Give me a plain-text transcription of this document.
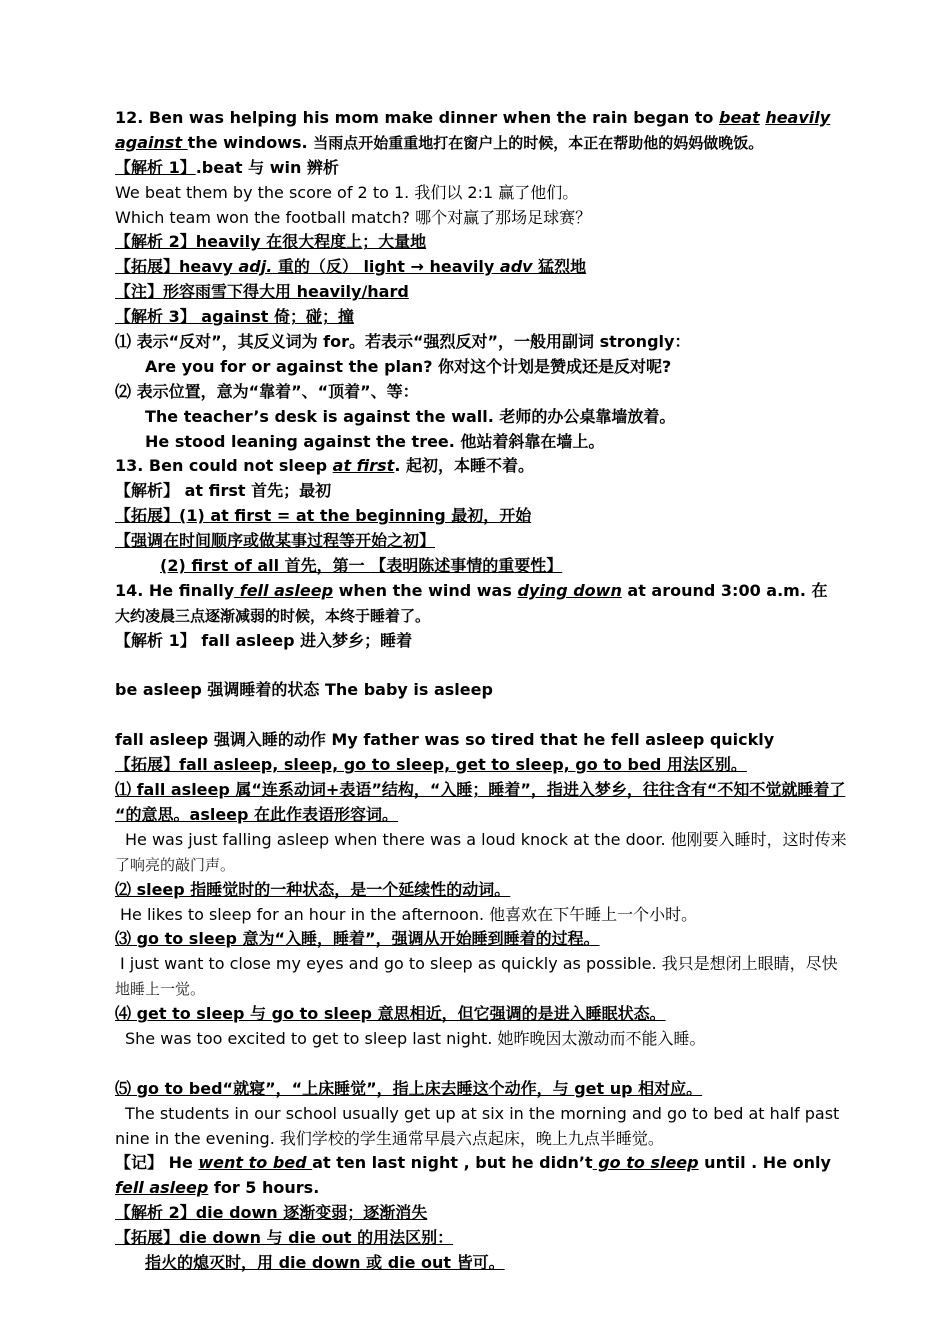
12. Ben was helping his mom make dinner when the rain began to beat heavily
against the windows. 当雨点开始重重地打在窗户上的时候，本正在帮助他的妈妈做晚饭。
【解析 1】.beat 与 win 辨析
We beat them by the score of 2 to 1. 我们以 2:1 赢了他们。
Which team won the football match? 哪个对赢了那场足球赛？
【解析 2】heavily 在很大程度上；大量地
【拓展】heavy adj. 重的（反） light → heavily adv 猛烈地
【注】形容雨雪下得大用 heavily/hard
【解析 3】 against 倚；碰；撞
⑴ 表示“反对”，其反义词为 for。若表示“强烈反对”，一般用副词 strongly：
Are you for or against the plan? 你对这个计划是赞成还是反对呢?
⑵ 表示位置，意为“靠着”、“顶着”、等：
The teacher’s desk is against the wall. 老师的办公桌靠墙放着。
He stood leaning against the tree. 他站着斜靠在墙上。
13. Ben could not sleep at first. 起初，本睡不着。
【解析】 at first 首先；最初
【拓展】(1) at first = at the beginning 最初，开始
【强调在时间顺序或做某事过程等开始之初】
(2) first of all 首先，第一 【表明陈述事情的重要性】
14. He finally fell asleep when the wind was dying down at around 3:00 a.m. 在
大约凌晨三点逐渐减弱的时候，本终于睡着了。
【解析 1】 fall asleep 进入梦乡；睡着
be asleep 强调睡着的状态 The baby is asleep
fall asleep 强调入睡的动作 My father was so tired that he fell asleep quickly
【拓展】fall asleep, sleep, go to sleep, get to sleep, go to bed 用法区别。
⑴ fall asleep 属“连系动词+表语”结构，“入睡；睡着”，指进入梦乡，往往含有“不知不觉就睡着了
“的意思。asleep 在此作表语形容词。
He was just falling asleep when there was a loud knock at the door. 他刚要入睡时，这时传来
了响亮的敲门声。
⑵ sleep 指睡觉时的一种状态，是一个延续性的动词。
He likes to sleep for an hour in the afternoon. 他喜欢在下午睡上一个小时。
⑶ go to sleep 意为“入睡，睡着”，强调从开始睡到睡着的过程。
I just want to close my eyes and go to sleep as quickly as possible. 我只是想闭上眼睛，尽快
地睡上一觉。
⑷ get to sleep 与 go to sleep 意思相近，但它强调的是进入睡眠状态。
She was too excited to get to sleep last night. 她昨晚因太激动而不能入睡。
⑸ go to bed“就寝”，“上床睡觉”，指上床去睡这个动作，与 get up 相对应。
The students in our school usually get up at six in the morning and go to bed at half past
nine in the evening. 我们学校的学生通常早晨六点起床，晚上九点半睡觉。
【记】 He went to bed at ten last night , but he didn’t go to sleep until . He only
fell asleep for 5 hours.
【解析 2】die down 逐渐变弱；逐渐消失
【拓展】die down 与 die out 的用法区别：
指火的熄灭时，用 die down 或 die out 皆可。
